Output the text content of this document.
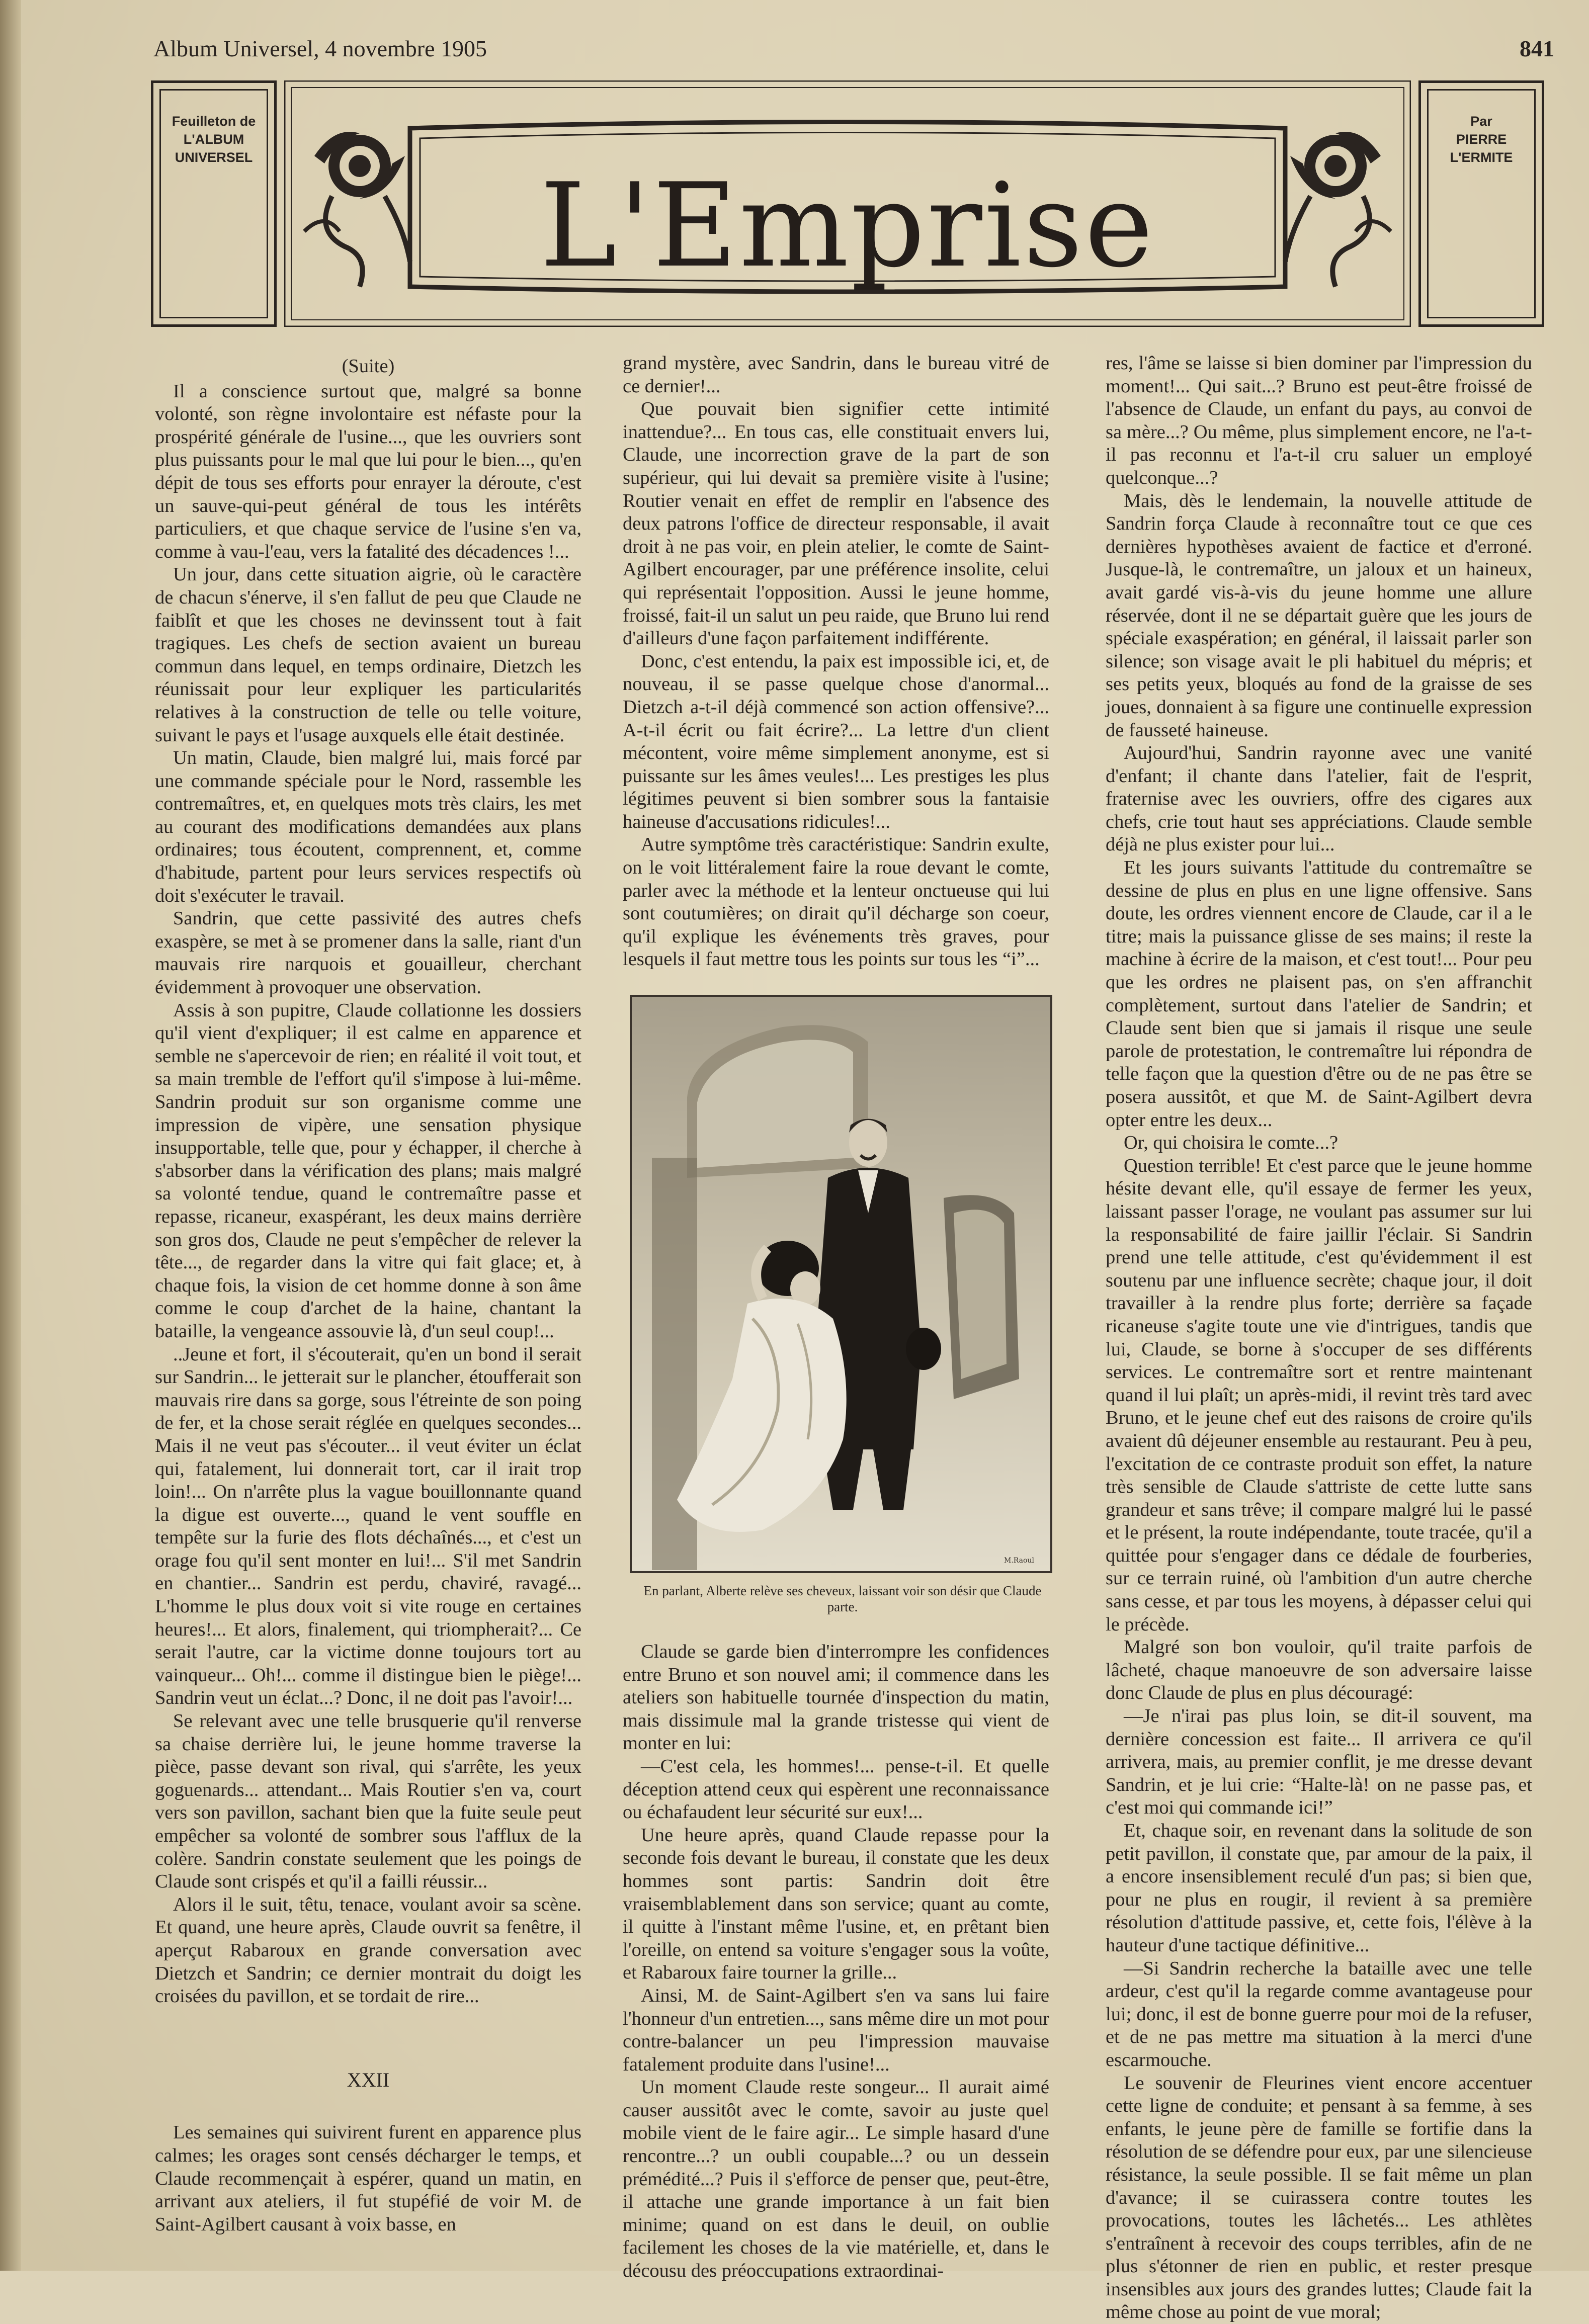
Album Universel, 4 novembre 1905	841
Feuilleton de
L'ALBUM
UNIVERSEL
L'Emprise
Par
PIERRE
L'ERMITE

(Suite)

Il a conscience surtout que, malgré sa bonne volonté, son règne involontaire est néfaste pour la prospérité générale de l'usine..., que les ouvriers sont plus puissants pour le mal que lui pour le bien..., qu'en dépit de tous ses efforts pour enrayer la déroute, c'est un sauve-qui-peut général de tous les intérêts particuliers, et que chaque service de l'usine s'en va, comme à vau-l'eau, vers la fatalité des décadences !...

Un jour, dans cette situation aigrie, où le caractère de chacun s'énerve, il s'en fallut de peu que Claude ne faiblît et que les choses ne devinssent tout à fait tragiques. Les chefs de section avaient un bureau commun dans lequel, en temps ordinaire, Dietzch les réunissait pour leur expliquer les particularités relatives à la construction de telle ou telle voiture, suivant le pays et l'usage auxquels elle était destinée.

Un matin, Claude, bien malgré lui, mais forcé par une commande spéciale pour le Nord, rassemble les contremaîtres, et, en quelques mots très clairs, les met au courant des modifications demandées aux plans ordinaires; tous écoutent, comprennent, et, comme d'habitude, partent pour leurs services respectifs où doit s'exécuter le travail.

Sandrin, que cette passivité des autres chefs exaspère, se met à se promener dans la salle, riant d'un mauvais rire narquois et gouailleur, cherchant évidemment à provoquer une observation.

Assis à son pupitre, Claude collationne les dossiers qu'il vient d'expliquer; il est calme en apparence et semble ne s'apercevoir de rien; en réalité il voit tout, et sa main tremble de l'effort qu'il s'impose à lui-même. Sandrin produit sur son organisme comme une impression de vipère, une sensation physique insupportable, telle que, pour y échapper, il cherche à s'absorber dans la vérification des plans; mais malgré sa volonté tendue, quand le contremaître passe et repasse, ricaneur, exaspérant, les deux mains derrière son gros dos, Claude ne peut s'empêcher de relever la tête..., de regarder dans la vitre qui fait glace; et, à chaque fois, la vision de cet homme donne à son âme comme le coup d'archet de la haine, chantant la bataille, la vengeance assouvie là, d'un seul coup!...

..Jeune et fort, il s'écouterait, qu'en un bond il serait sur Sandrin... le jetterait sur le plancher, étoufferait son mauvais rire dans sa gorge, sous l'étreinte de son poing de fer, et la chose serait réglée en quelques secondes... Mais il ne veut pas s'écouter... il veut éviter un éclat qui, fatalement, lui donnerait tort, car il irait trop loin!... On n'arrête plus la vague bouillonnante quand la digue est ouverte..., quand le vent souffle en tempête sur la furie des flots déchaînés..., et c'est un orage fou qu'il sent monter en lui!... S'il met Sandrin en chantier... Sandrin est perdu, chaviré, ravagé... L'homme le plus doux voit si vite rouge en certaines heures!... Et alors, finalement, qui triompherait?... Ce serait l'autre, car la victime donne toujours tort au vainqueur... Oh!... comme il distingue bien le piège!... Sandrin veut un éclat...? Donc, il ne doit pas l'avoir!...

Se relevant avec une telle brusquerie qu'il renverse sa chaise derrière lui, le jeune homme traverse la pièce, passe devant son rival, qui s'arrête, les yeux goguenards... attendant... Mais Routier s'en va, court vers son pavillon, sachant bien que la fuite seule peut empêcher sa volonté de sombrer sous l'afflux de la colère. Sandrin constate seulement que les poings de Claude sont crispés et qu'il a failli réussir...

Alors il le suit, têtu, tenace, voulant avoir sa scène. Et quand, une heure après, Claude ouvrit sa fenêtre, il aperçut Rabaroux en grande conversation avec Dietzch et Sandrin; ce dernier montrait du doigt les croisées du pavillon, et se tordait de rire...

XXII

Les semaines qui suivirent furent en apparence plus calmes; les orages sont censés décharger le temps, et Claude recommençait à espérer, quand un matin, en arrivant aux ateliers, il fut stupéfié de voir M. de Saint-Agilbert causant à voix basse, en

grand mystère, avec Sandrin, dans le bureau vitré de ce dernier!...

Que pouvait bien signifier cette intimité inattendue?... En tous cas, elle constituait envers lui, Claude, une incorrection grave de la part de son supérieur, qui lui devait sa première visite à l'usine; Routier venait en effet de remplir en l'absence des deux patrons l'office de directeur responsable, il avait droit à ne pas voir, en plein atelier, le comte de Saint-Agilbert encourager, par une préférence insolite, celui qui représentait l'opposition. Aussi le jeune homme, froissé, fait-il un salut un peu raide, que Bruno lui rend d'ailleurs d'une façon parfaitement indifférente.

Donc, c'est entendu, la paix est impossible ici, et, de nouveau, il se passe quelque chose d'anormal... Dietzch a-t-il déjà commencé son action offensive?... A-t-il écrit ou fait écrire?... La lettre d'un client mécontent, voire même simplement anonyme, est si puissante sur les âmes veules!... Les prestiges les plus légitimes peuvent si bien sombrer sous la fantaisie haineuse d'accusations ridicules!...

Autre symptôme très caractéristique: Sandrin exulte, on le voit littéralement faire la roue devant le comte, parler avec la méthode et la lenteur onctueuse qui lui sont coutumières; on dirait qu'il décharge son coeur, qu'il explique les événements très graves, pour lesquels il faut mettre tous les points sur tous les “i”...

M.Raoul
En parlant, Alberte relève ses cheveux, laissant voir son désir que Claude parte.

Claude se garde bien d'interrompre les confidences entre Bruno et son nouvel ami; il commence dans les ateliers son habituelle tournée d'inspection du matin, mais dissimule mal la grande tristesse qui vient de monter en lui:

—C'est cela, les hommes!... pense-t-il. Et quelle déception attend ceux qui espèrent une reconnaissance ou échafaudent leur sécurité sur eux!...

Une heure après, quand Claude repasse pour la seconde fois devant le bureau, il constate que les deux hommes sont partis: Sandrin doit être vraisemblablement dans son service; quant au comte, il quitte à l'instant même l'usine, et, en prêtant bien l'oreille, on entend sa voiture s'engager sous la voûte, et Rabaroux faire tourner la grille...

Ainsi, M. de Saint-Agilbert s'en va sans lui faire l'honneur d'un entretien..., sans même dire un mot pour contre-balancer un peu l'impression mauvaise fatalement produite dans l'usine!...

Un moment Claude reste songeur... Il aurait aimé causer aussitôt avec le comte, savoir au juste quel mobile vient de le faire agir... Le simple hasard d'une rencontre...? un oubli coupable...? ou un dessein prémédité...? Puis il s'efforce de penser que, peut-être, il attache une grande importance à un fait bien minime; quand on est dans le deuil, on oublie facilement les choses de la vie matérielle, et, dans le décousu des préoccupations extraordinai-

res, l'âme se laisse si bien dominer par l'impression du moment!... Qui sait...? Bruno est peut-être froissé de l'absence de Claude, un enfant du pays, au convoi de sa mère...? Ou même, plus simplement encore, ne l'a-t-il pas reconnu et l'a-t-il cru saluer un employé quelconque...?

Mais, dès le lendemain, la nouvelle attitude de Sandrin força Claude à reconnaître tout ce que ces dernières hypothèses avaient de factice et d'erroné. Jusque-là, le contremaître, un jaloux et un haineux, avait gardé vis-à-vis du jeune homme une allure réservée, dont il ne se départait guère que les jours de spéciale exaspération; en général, il laissait parler son silence; son visage avait le pli habituel du mépris; et ses petits yeux, bloqués au fond de la graisse de ses joues, donnaient à sa figure une continuelle expression de fausseté haineuse.

Aujourd'hui, Sandrin rayonne avec une vanité d'enfant; il chante dans l'atelier, fait de l'esprit, fraternise avec les ouvriers, offre des cigares aux chefs, crie tout haut ses appréciations. Claude semble déjà ne plus exister pour lui...

Et les jours suivants l'attitude du contremaître se dessine de plus en plus en une ligne offensive. Sans doute, les ordres viennent encore de Claude, car il a le titre; mais la puissance glisse de ses mains; il reste la machine à écrire de la maison, et c'est tout!... Pour peu que les ordres ne plaisent pas, on s'en affranchit complètement, surtout dans l'atelier de Sandrin; et Claude sent bien que si jamais il risque une seule parole de protestation, le contremaître lui répondra de telle façon que la question d'être ou de ne pas être se posera aussitôt, et que M. de Saint-Agilbert devra opter entre les deux...

Or, qui choisira le comte...?

Question terrible! Et c'est parce que le jeune homme hésite devant elle, qu'il essaye de fermer les yeux, laissant passer l'orage, ne voulant pas assumer sur lui la responsabilité de faire jaillir l'éclair. Si Sandrin prend une telle attitude, c'est qu'évidemment il est soutenu par une influence secrète; chaque jour, il doit travailler à la rendre plus forte; derrière sa façade ricaneuse s'agite toute une vie d'intrigues, tandis que lui, Claude, se borne à s'occuper de ses différents services. Le contremaître sort et rentre maintenant quand il lui plaît; un après-midi, il revint très tard avec Bruno, et le jeune chef eut des raisons de croire qu'ils avaient dû déjeuner ensemble au restaurant. Peu à peu, l'excitation de ce contraste produit son effet, la nature très sensible de Claude s'attriste de cette lutte sans grandeur et sans trêve; il compare malgré lui le passé et le présent, la route indépendante, toute tracée, qu'il a quittée pour s'engager dans ce dédale de fourberies, sur ce terrain ruiné, où l'ambition d'un autre cherche sans cesse, et par tous les moyens, à dépasser celui qui le précède.

Malgré son bon vouloir, qu'il traite parfois de lâcheté, chaque manoeuvre de son adversaire laisse donc Claude de plus en plus découragé:

—Je n'irai pas plus loin, se dit-il souvent, ma dernière concession est faite... Il arrivera ce qu'il arrivera, mais, au premier conflit, je me dresse devant Sandrin, et je lui crie: “Halte-là! on ne passe pas, et c'est moi qui commande ici!”

Et, chaque soir, en revenant dans la solitude de son petit pavillon, il constate que, par amour de la paix, il a encore insensiblement reculé d'un pas; si bien que, pour ne plus en rougir, il revient à sa première résolution d'attitude passive, et, cette fois, l'élève à la hauteur d'une tactique définitive...

—Si Sandrin recherche la bataille avec une telle ardeur, c'est qu'il la regarde comme avantageuse pour lui; donc, il est de bonne guerre pour moi de la refuser, et de ne pas mettre ma situation à la merci d'une escarmouche.

Le souvenir de Fleurines vient encore accentuer cette ligne de conduite; et pensant à sa femme, à ses enfants, le jeune père de famille se fortifie dans la résolution de se défendre pour eux, par une silencieuse résistance, la seule possible. Il se fait même un plan d'avance; il se cuirassera contre toutes les provocations, toutes les lâchetés... Les athlètes s'entraînent à recevoir des coups terribles, afin de ne plus s'étonner de rien en public, et rester presque insensibles aux jours des grandes luttes; Claude fait la même chose au point de vue moral;
